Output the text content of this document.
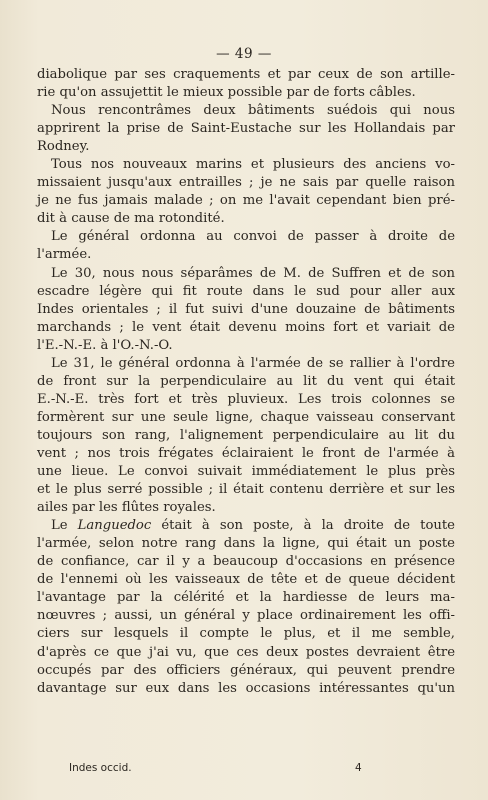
— 49 —

diabolique par ses craquements et par ceux de son artille-
rie qu'on assujettit le mieux possible par de forts câbles.

Nous rencontrâmes deux bâtiments suédois qui nous
apprirent la prise de Saint-Eustache sur les Hollandais par
Rodney.

Tous nos nouveaux marins et plusieurs des anciens vo-
missaient jusqu'aux entrailles ; je ne sais par quelle raison
je ne fus jamais malade ; on me l'avait cependant bien pré-
dit à cause de ma rotondité.

Le général ordonna au convoi de passer à droite de
l'armée.

Le 30, nous nous séparâmes de M. de Suffren et de son
escadre légère qui fit route dans le sud pour aller aux
Indes orientales ; il fut suivi d'une douzaine de bâtiments
marchands ; le vent était devenu moins fort et variait de
l'E.-N.-E. à l'O.-N.-O.

Le 31, le général ordonna à l'armée de se rallier à l'ordre
de front sur la perpendiculaire au lit du vent qui était
E.-N.-E. très fort et très pluvieux. Les trois colonnes se
formèrent sur une seule ligne, chaque vaisseau conservant
toujours son rang, l'alignement perpendiculaire au lit du
vent ; nos trois frégates éclairaient le front de l'armée à
une lieue. Le convoi suivait immédiatement le plus près
et le plus serré possible ; il était contenu derrière et sur les
ailes par les flûtes royales.

Le Languedoc était à son poste, à la droite de toute
l'armée, selon notre rang dans la ligne, qui était un poste
de confiance, car il y a beaucoup d'occasions en présence
de l'ennemi où les vaisseaux de tête et de queue décident
l'avantage par la célérité et la hardiesse de leurs ma-
nœuvres ; aussi, un général y place ordinairement les offi-
ciers sur lesquels il compte le plus, et il me semble,
d'après ce que j'ai vu, que ces deux postes devraient être
occupés par des officiers généraux, qui peuvent prendre
davantage sur eux dans les occasions intéressantes qu'un

Indes occid.	4
